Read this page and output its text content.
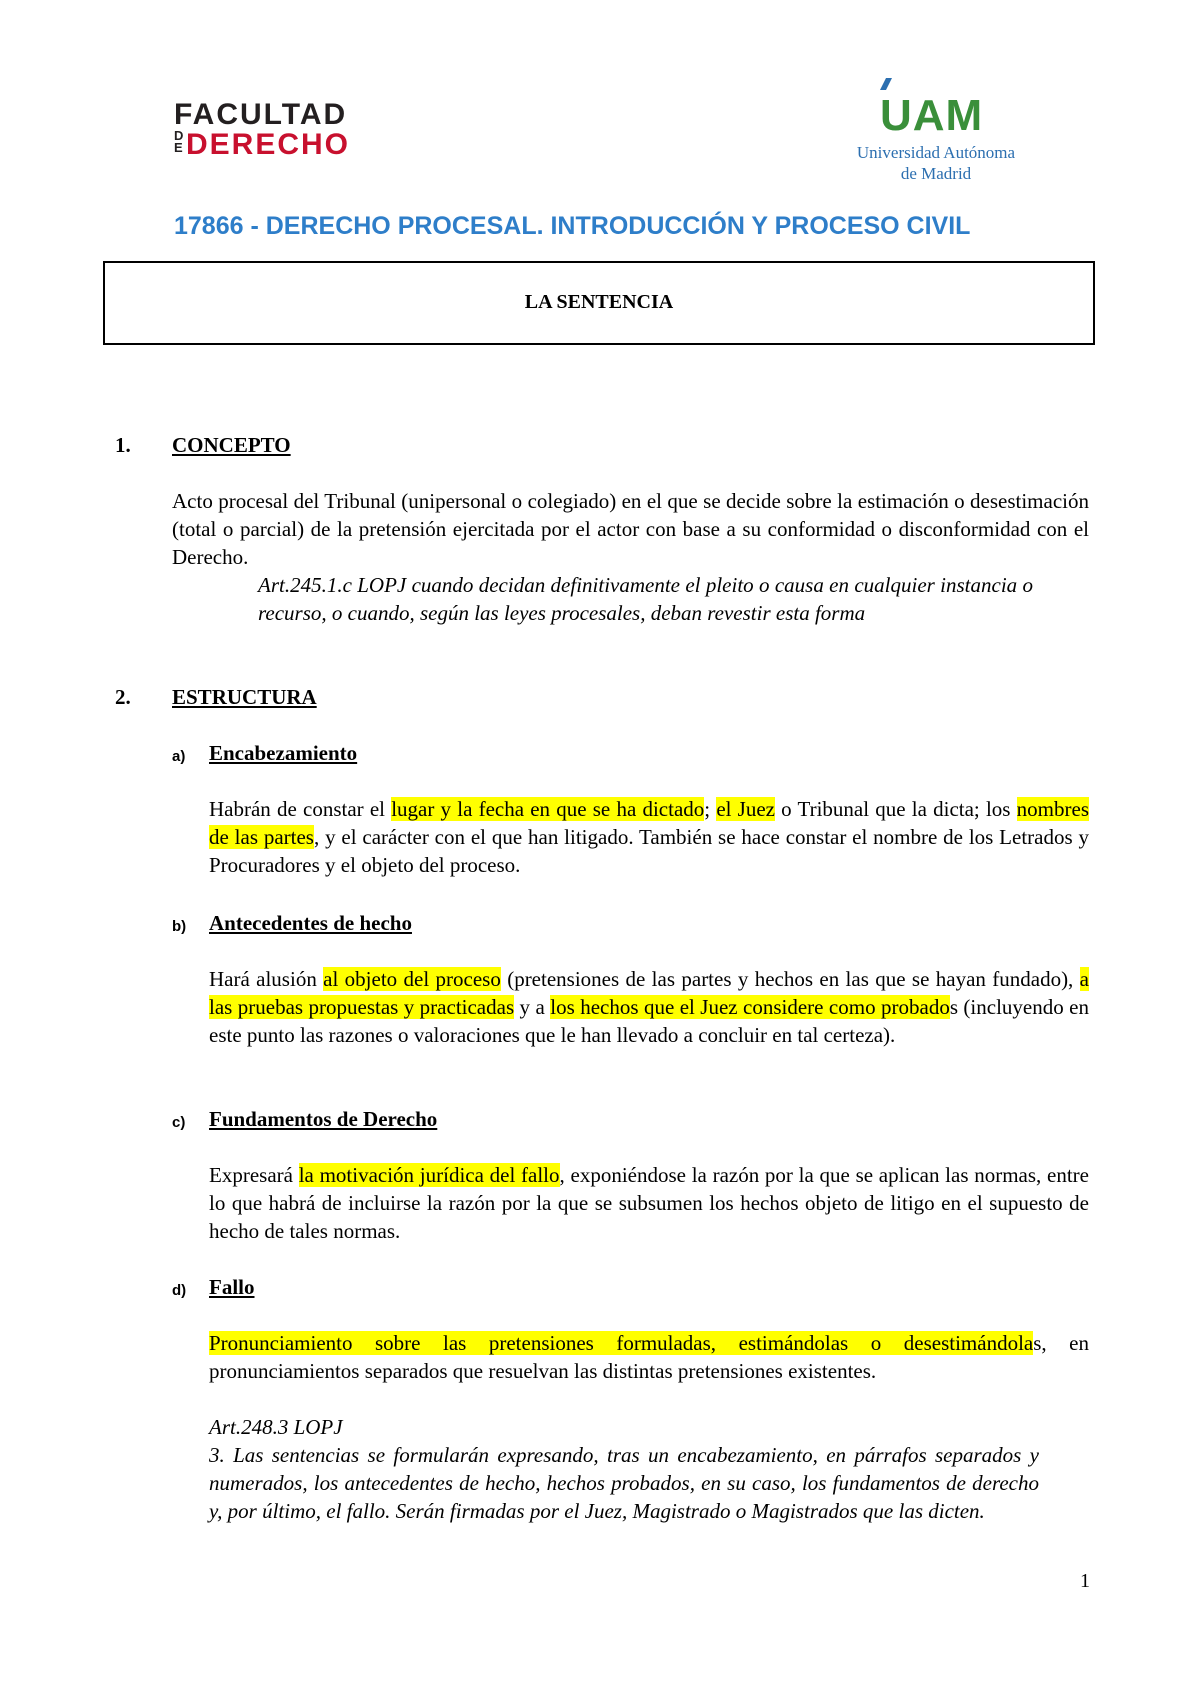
FACULTAD
D
E DERECHO
UAM
Universidad Autónoma
de Madrid
17866 - DERECHO PROCESAL. INTRODUCCIÓN Y PROCESO CIVIL
LA SENTENCIA
1. CONCEPTO
Acto procesal del Tribunal (unipersonal o colegiado) en el que se decide sobre la estimación o desestimación (total o parcial) de la pretensión ejercitada por el actor con base a su conformidad o disconformidad con el Derecho.
Art.245.1.c LOPJ cuando decidan definitivamente el pleito o causa en cualquier instancia o recurso, o cuando, según las leyes procesales, deban revestir esta forma
2. ESTRUCTURA
a) Encabezamiento
Habrán de constar el lugar y la fecha en que se ha dictado; el Juez o Tribunal que la dicta; los nombres de las partes, y el carácter con el que han litigado. También se hace constar el nombre de los Letrados y Procuradores y el objeto del proceso.
b) Antecedentes de hecho
Hará alusión al objeto del proceso (pretensiones de las partes y hechos en las que se hayan fundado), a las pruebas propuestas y practicadas y a los hechos que el Juez considere como probados (incluyendo en este punto las razones o valoraciones que le han llevado a concluir en tal certeza).
c) Fundamentos de Derecho
Expresará la motivación jurídica del fallo, exponiéndose la razón por la que se aplican las normas, entre lo que habrá de incluirse la razón por la que se subsumen los hechos objeto de litigo en el supuesto de hecho de tales normas.
d) Fallo
Pronunciamiento sobre las pretensiones formuladas, estimándolas o desestimándolas, en pronunciamientos separados que resuelvan las distintas pretensiones existentes.
Art.248.3 LOPJ
3. Las sentencias se formularán expresando, tras un encabezamiento, en párrafos separados y numerados, los antecedentes de hecho, hechos probados, en su caso, los fundamentos de derecho y, por último, el fallo. Serán firmadas por el Juez, Magistrado o Magistrados que las dicten.
1
